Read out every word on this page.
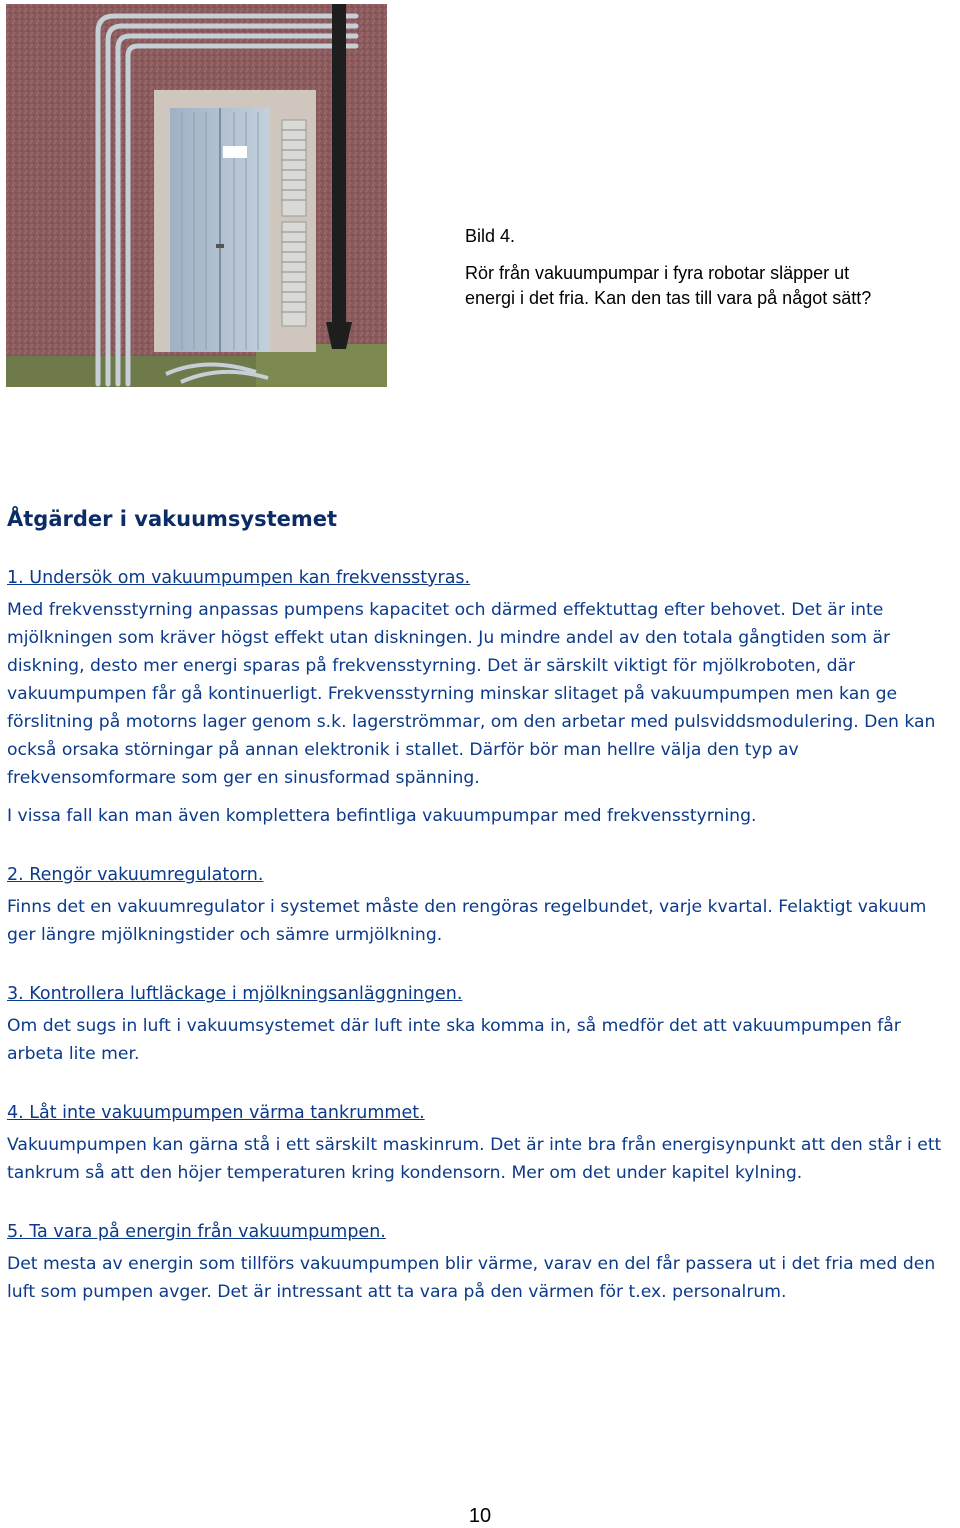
Bild 4.

Rör från vakuumpumpar i fyra robotar släpper ut energi i det fria. Kan den tas till vara på något sätt?

Åtgärder i vakuumsystemet

1. Undersök om vakuumpumpen kan frekvensstyras.

Med frekvensstyrning anpassas pumpens kapacitet och därmed effektuttag efter behovet. Det är inte mjölkningen som kräver högst effekt utan diskningen. Ju mindre andel av den totala gångtiden som är diskning, desto mer energi sparas på frekvensstyrning. Det är särskilt viktigt för mjölkroboten, där vakuumpumpen får gå kontinuerligt. Frekvensstyrning minskar slitaget på vakuumpumpen men kan ge förslitning på motorns lager genom s.k. lagerströmmar, om den arbetar med pulsviddsmodulering. Den kan också orsaka störningar på annan elektronik i stallet. Därför bör man hellre välja den typ av frekvensomformare som ger en sinusformad spänning.

I vissa fall kan man även komplettera befintliga vakuumpumpar med frekvensstyrning.

2. Rengör vakuumregulatorn.

Finns det en vakuumregulator i systemet måste den rengöras regelbundet, varje kvartal. Felaktigt vakuum ger längre mjölkningstider och sämre urmjölkning.

3. Kontrollera luftläckage i mjölkningsanläggningen.

Om det sugs in luft i vakuumsystemet där luft inte ska komma in, så medför det att vakuumpumpen får arbeta lite mer.

4. Låt inte vakuumpumpen värma tankrummet.

Vakuumpumpen kan gärna stå i ett särskilt maskinrum. Det är inte bra från energisynpunkt att den står i ett tankrum så att den höjer temperaturen kring kondensorn. Mer om det under kapitel kylning.

5. Ta vara på energin från vakuumpumpen.

Det mesta av energin som tillförs vakuumpumpen blir värme, varav en del får passera ut i det fria med den luft som pumpen avger. Det är intressant att ta vara på den värmen för t.ex. personalrum.

10
